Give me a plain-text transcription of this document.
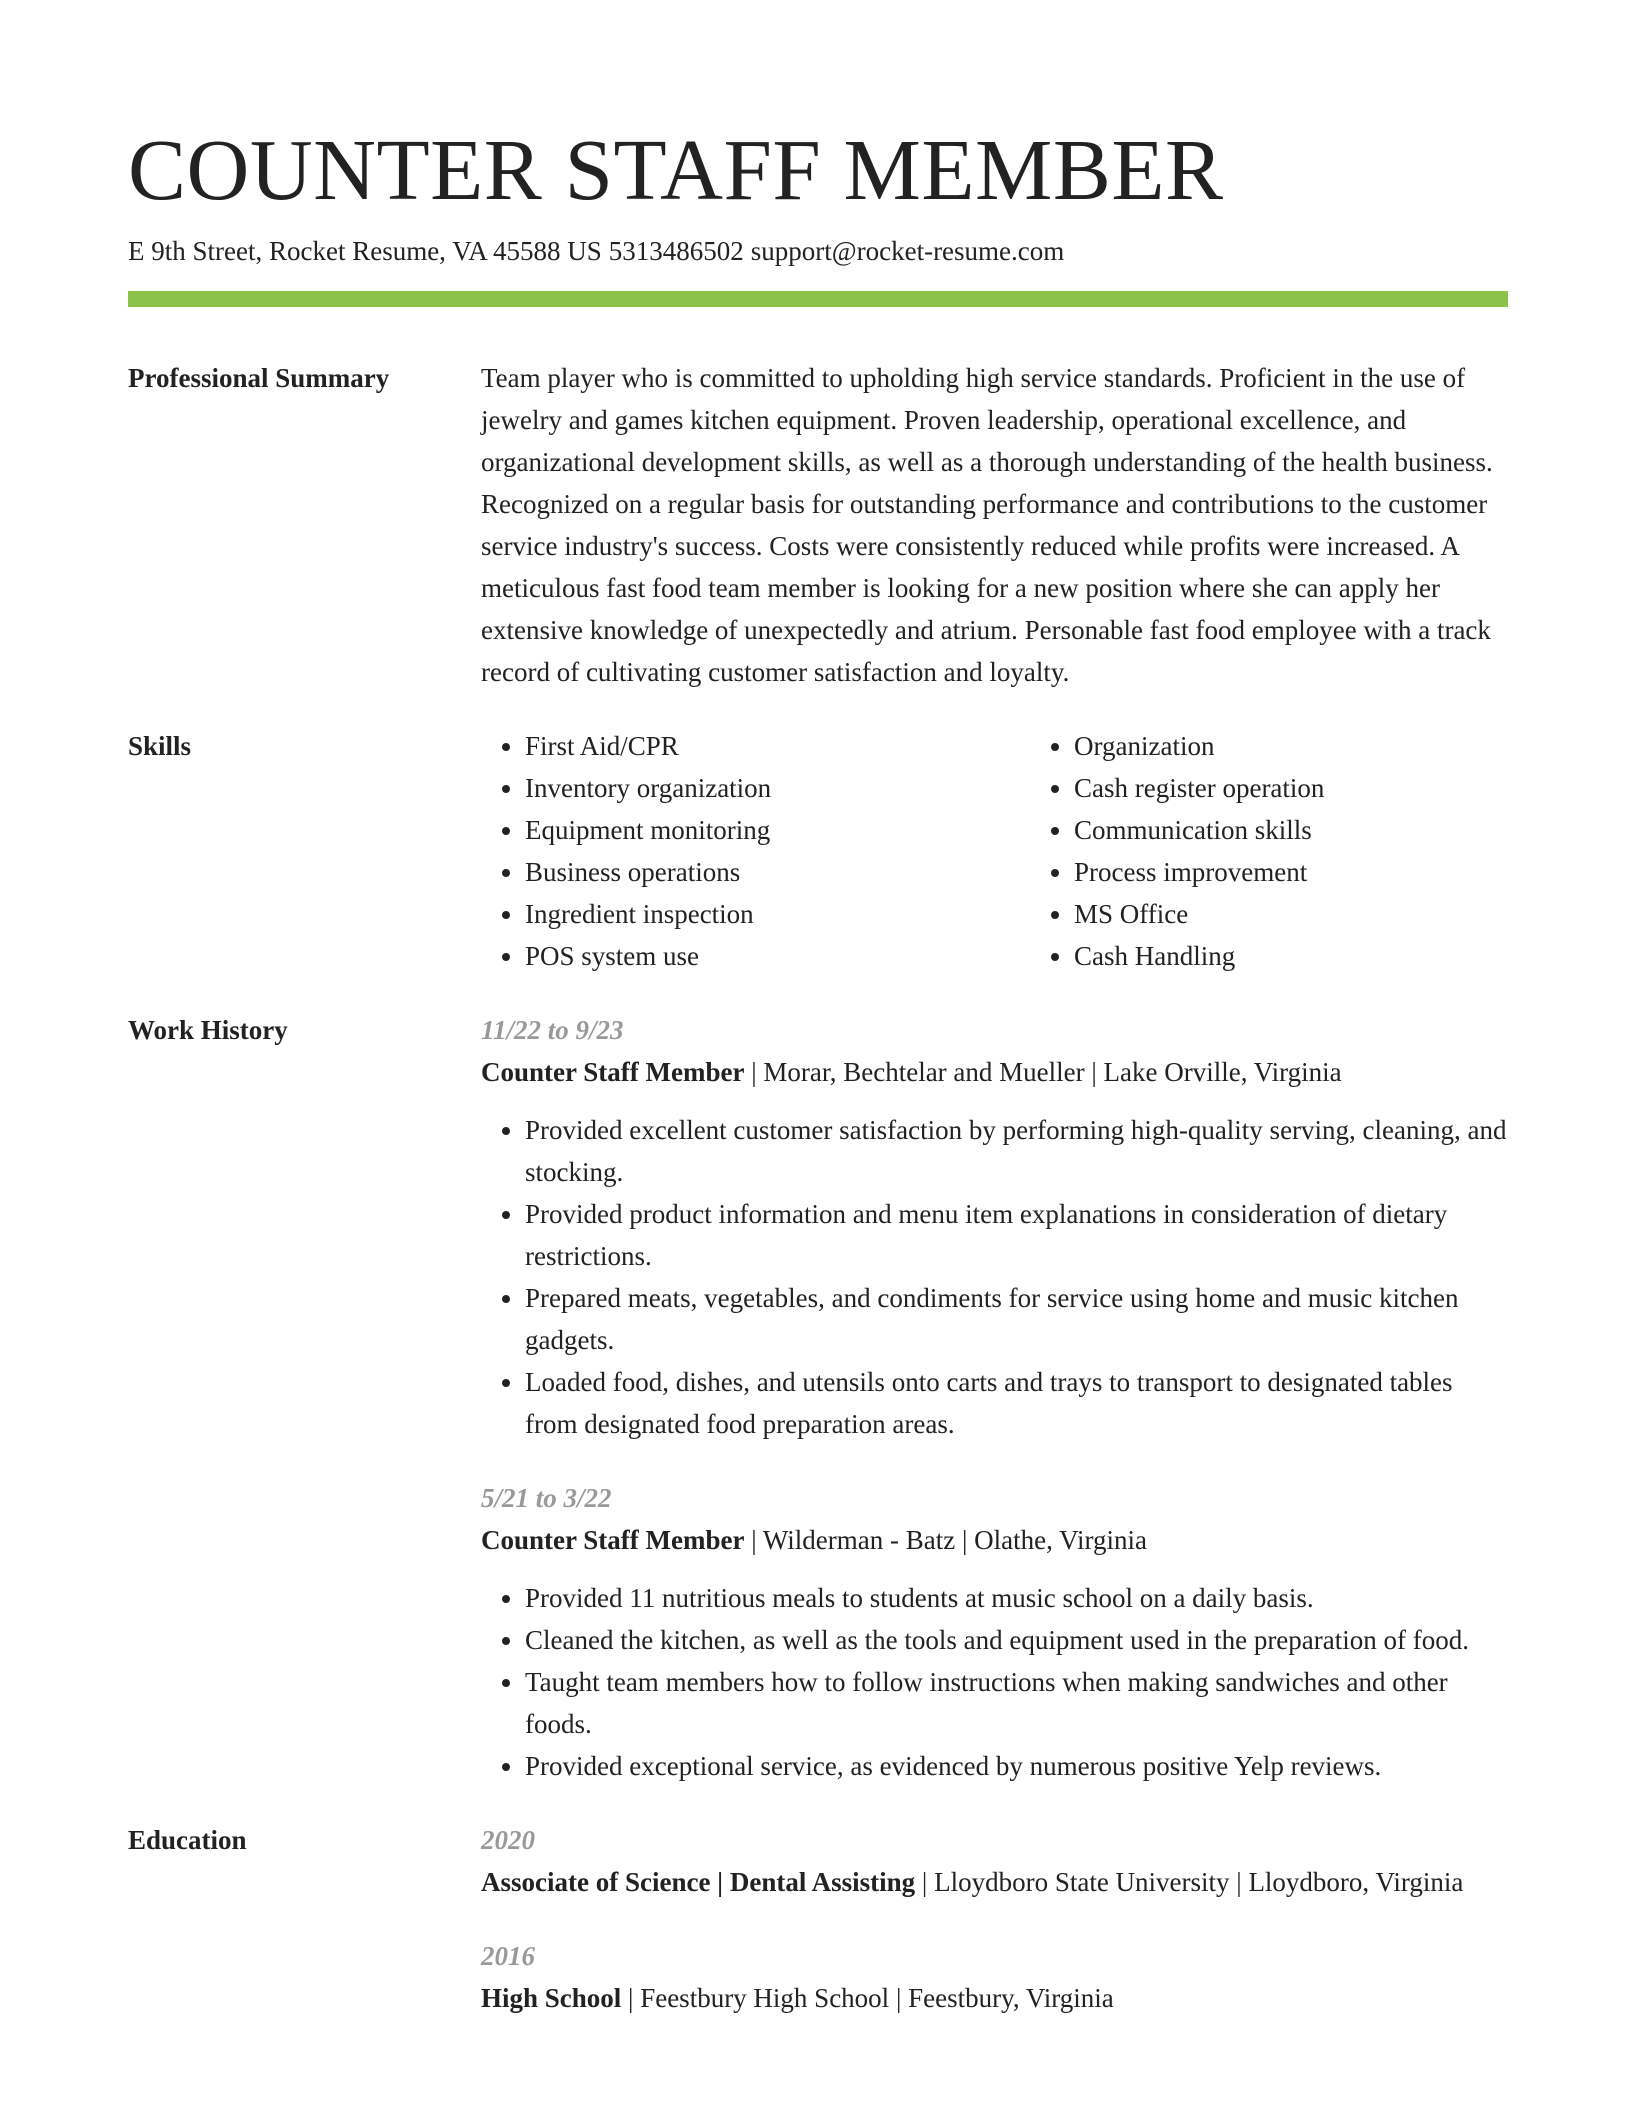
COUNTER STAFF MEMBER
E 9th Street, Rocket Resume, VA 45588 US 5313486502 support@rocket-resume.com
Professional Summary	Team player who is committed to upholding high service standards. Proficient in the use of jewelry and games kitchen equipment. Proven leadership, operational excellence, and organizational development skills, as well as a thorough understanding of the health business. Recognized on a regular basis for outstanding performance and contributions to the customer service industry's success. Costs were consistently reduced while profits were increased. A meticulous fast food team member is looking for a new position where she can apply her extensive knowledge of unexpectedly and atrium. Personable fast food employee with a track record of cultivating customer satisfaction and loyalty.

Skills
•	First Aid/CPR
• Inventory organization
• Equipment monitoring
• Business operations
• Ingredient inspection
• POS system use
• Organization
• Cash register operation
• Communication skills
• Process improvement
• MS Office
• Cash Handling
Work History	11/22 to 9/23
Counter Staff Member | Morar, Bechtelar and Mueller | Lake Orville, Virginia
• Provided excellent customer satisfaction by performing high-quality serving, cleaning, and stocking.
• Provided product information and menu item explanations in consideration of dietary restrictions.
• Prepared meats, vegetables, and condiments for service using home and music kitchen gadgets.
• Loaded food, dishes, and utensils onto carts and trays to transport to designated tables from designated food preparation areas.
5/21 to 3/22
Counter Staff Member | Wilderman - Batz | Olathe, Virginia
• Provided 11 nutritious meals to students at music school on a daily basis.
• Cleaned the kitchen, as well as the tools and equipment used in the preparation of food.
• Taught team members how to follow instructions when making sandwiches and other foods.
• Provided exceptional service, as evidenced by numerous positive Yelp reviews.
Education	2020
Associate of Science | Dental Assisting | Lloydboro State University | Lloydboro, Virginia
2016
High School | Feestbury High School | Feestbury, Virginia
